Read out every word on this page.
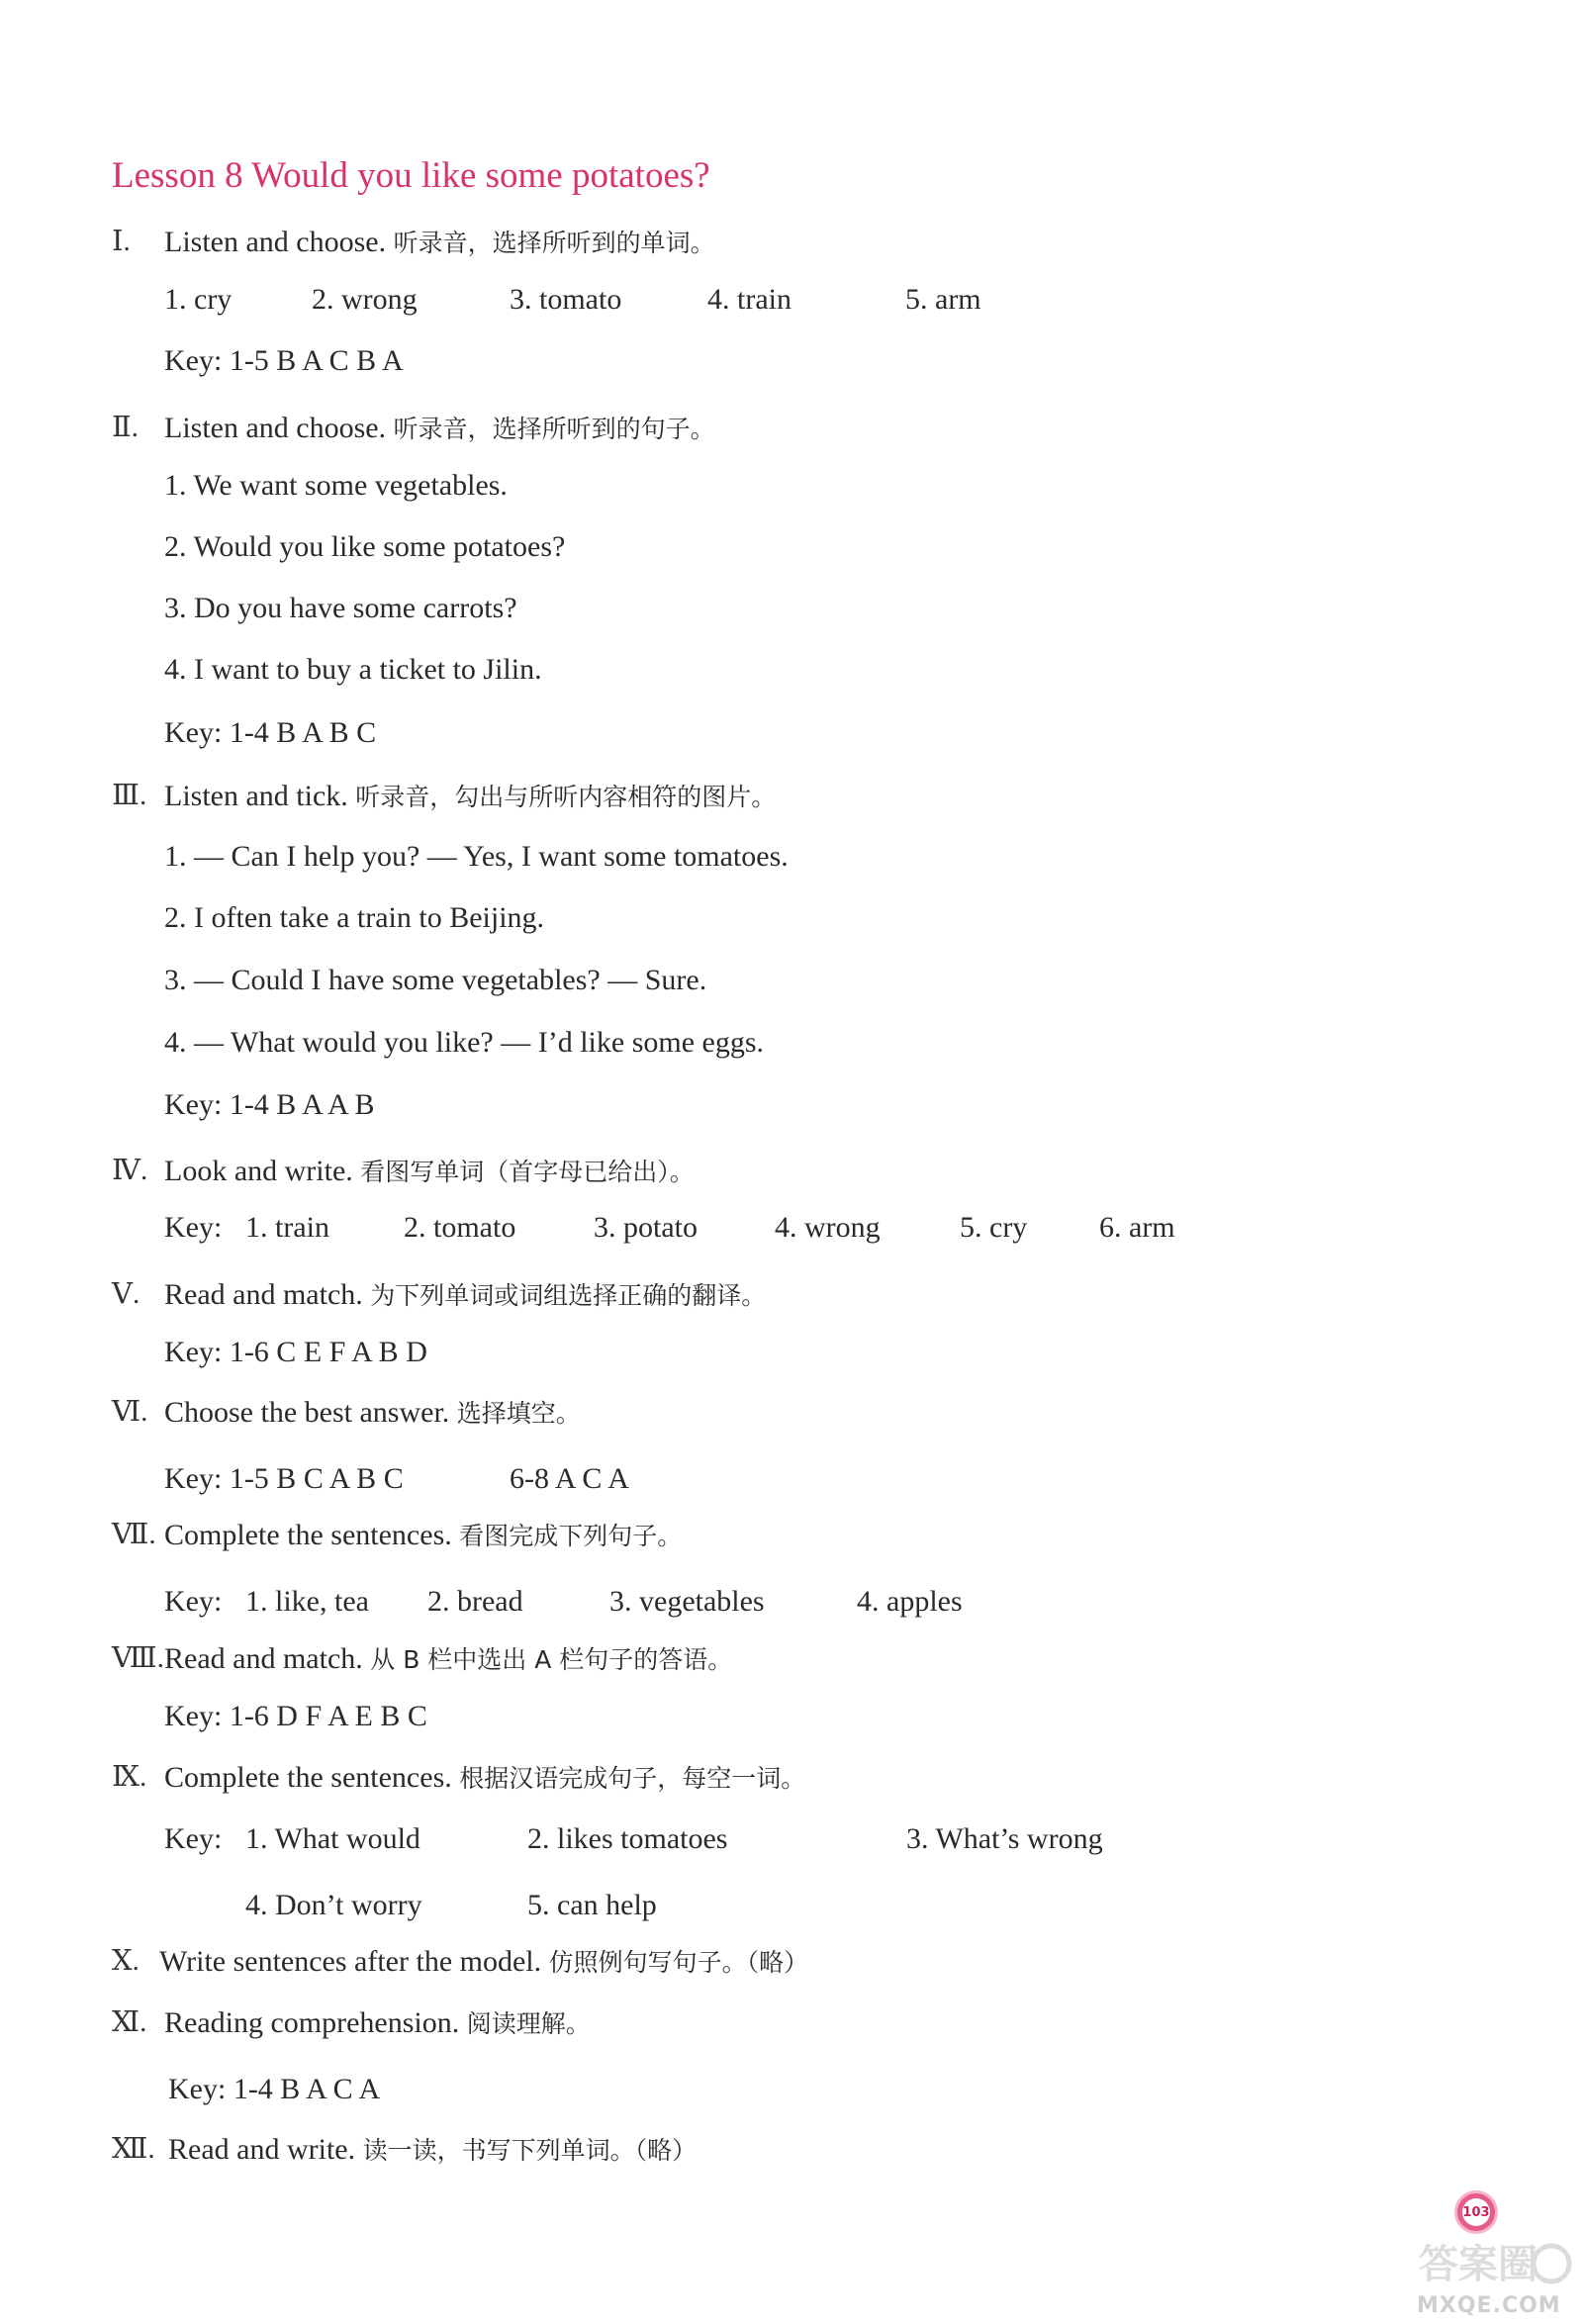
Lesson 8 Would you like some potatoes?
Ⅰ. Listen and choose. 听录音，选择所听到的单词。
1. cry	2. wrong	3. tomato	4. train	5. arm
Key: 1-5 B A C B A
Ⅱ. Listen and choose. 听录音，选择所听到的句子。
1. We want some vegetables.
2. Would you like some potatoes?
3. Do you have some carrots?
4. I want to buy a ticket to Jilin.
Key: 1-4 B A B C
Ⅲ. Listen and tick. 听录音，勾出与所听内容相符的图片。
1. — Can I help you? — Yes, I want some tomatoes.
2. I often take a train to Beijing.
3. — Could I have some vegetables? — Sure.
4. — What would you like? — I’d like some eggs.
Key: 1-4 B A A B
Ⅳ. Look and write. 看图写单词（首字母已给出）。
Key: 1. train	2. tomato	3. potato	4. wrong	5. cry 6. arm
Ⅴ. Read and match. 为下列单词或词组选择正确的翻译。
Key: 1-6 C E F A B D
Ⅵ. Choose the best answer. 选择填空。
Key: 1-5 B C A B C	6-8 A C A
Ⅶ. Complete the sentences. 看图完成下列句子。
Key: 1. like, tea 2. bread	3. vegetables	4. apples
Ⅷ. Read and match. 从 B 栏中选出 A 栏句子的答语。
Key: 1-6 D F A E B C
Ⅸ. Complete the sentences. 根据汉语完成句子，每空一词。
Key: 1. What would	2. likes tomatoes	3. What’s wrong
4. Don’t worry	5. can help
Ⅹ. Write sentences after the model. 仿照例句写句子。（略）
Ⅺ. Reading comprehension. 阅读理解。
Key: 1-4 B A C A
Ⅻ. Read and write. 读一读，书写下列单词。（略）
103
答案圈
MXQE.COM
